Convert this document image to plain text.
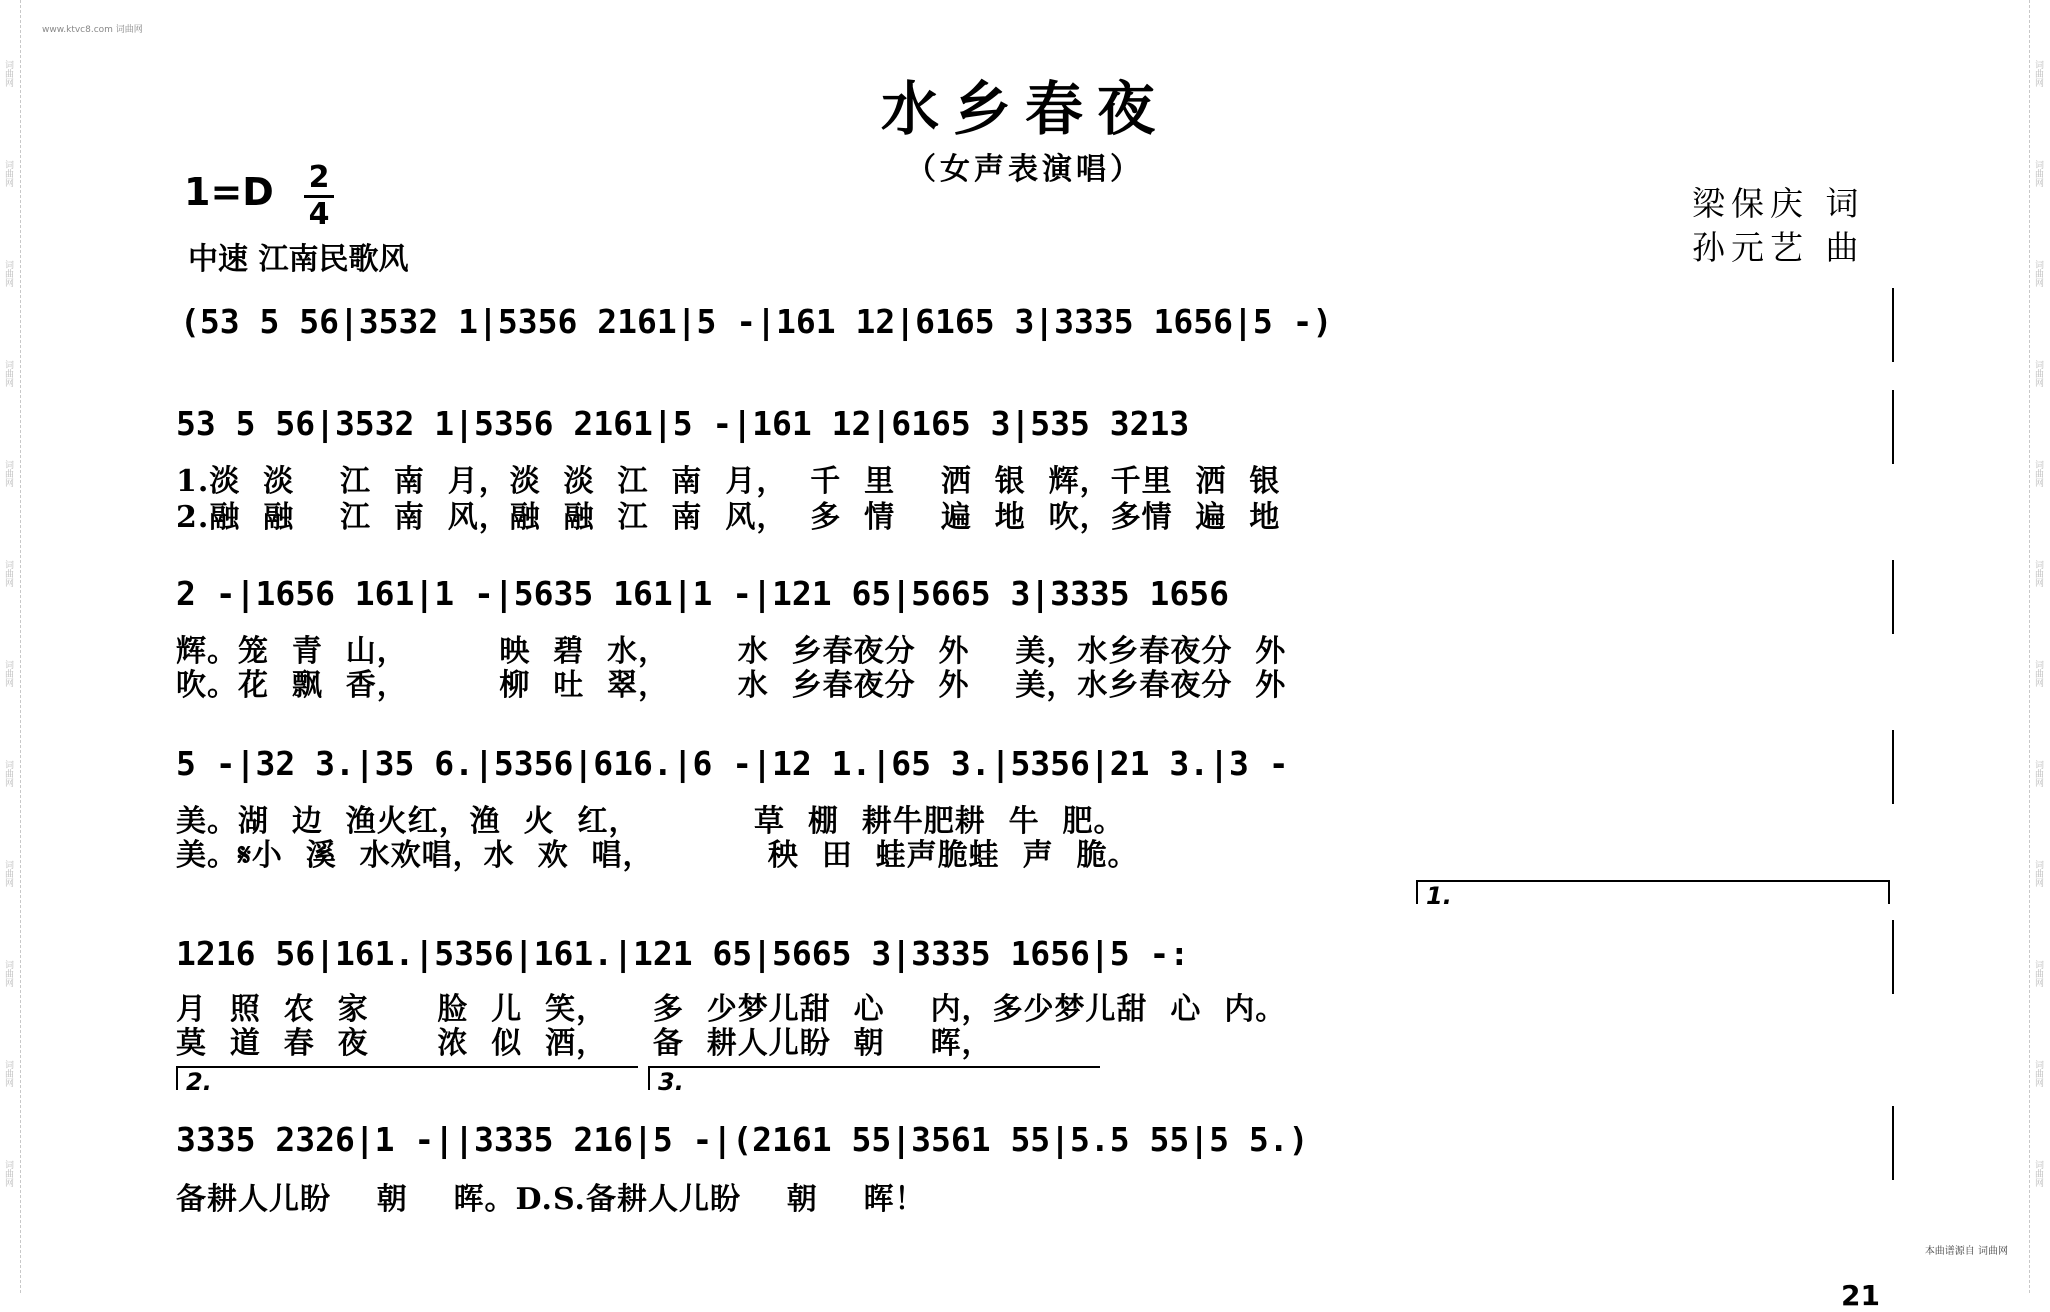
词曲网
词曲网
词曲网
词曲网
词曲网
词曲网
词曲网
词曲网
词曲网
词曲网
词曲网
词曲网
词曲网
词曲网
词曲网
词曲网
词曲网
词曲网
词曲网
词曲网
词曲网
词曲网
词曲网
词曲网
www.ktvc8.com 词曲网
本曲谱源自 词曲网
21
水乡春夜
（女声表演唱）
1=D 2
4
中速 江南民歌风
梁保庆 词
孙元艺 曲
(53 5 56|3532 1|5356 2161|5 -|161 12|6165 3|3335 1656|5 -)
53 5 56|3532 1|5356 2161|5 -|161 12|6165 3|535 3213
1.淡  淡    江  南  月，淡  淡  江  南  月，  千  里    洒  银  辉，千里  洒  银
2.融  融    江  南  风，融  融  江  南  风，  多  情    遍  地  吹，多情  遍  地
2 -|1656 161|1 -|5635 161|1 -|121 65|5665 3|3335 1656
辉。笼  青  山，        映  碧  水，      水  乡春夜分  外    美，水乡春夜分  外
吹。花  飘  香，        柳  吐  翠，      水  乡春夜分  外    美，水乡春夜分  外
5 -|32 3.|35 6.|5356|616.|6 -|12 1.|65 3.|5356|21 3.|3 -
美。湖  边  渔火红，渔  火  红，          草  棚  耕牛肥耕  牛  肥。
美。𝄋小  溪  水欢唱，水  欢  唱，          秧  田  蛙声脆蛙  声  脆。
1.
1216 56|161.|5356|161.|121 65|5665 3|3335 1656|5 -:
月  照  农  家      脸  儿  笑，    多  少梦儿甜  心    内，多少梦儿甜  心  内。
莫  道  春  夜      浓  似  酒，    备  耕人儿盼  朝    晖，
2.	3.
3335 2326|1 -||3335 216|5 -|(2161 55|3561 55|5.5 55|5 5.)
备耕人儿盼    朝    晖。D.S.备耕人儿盼    朝    晖！
